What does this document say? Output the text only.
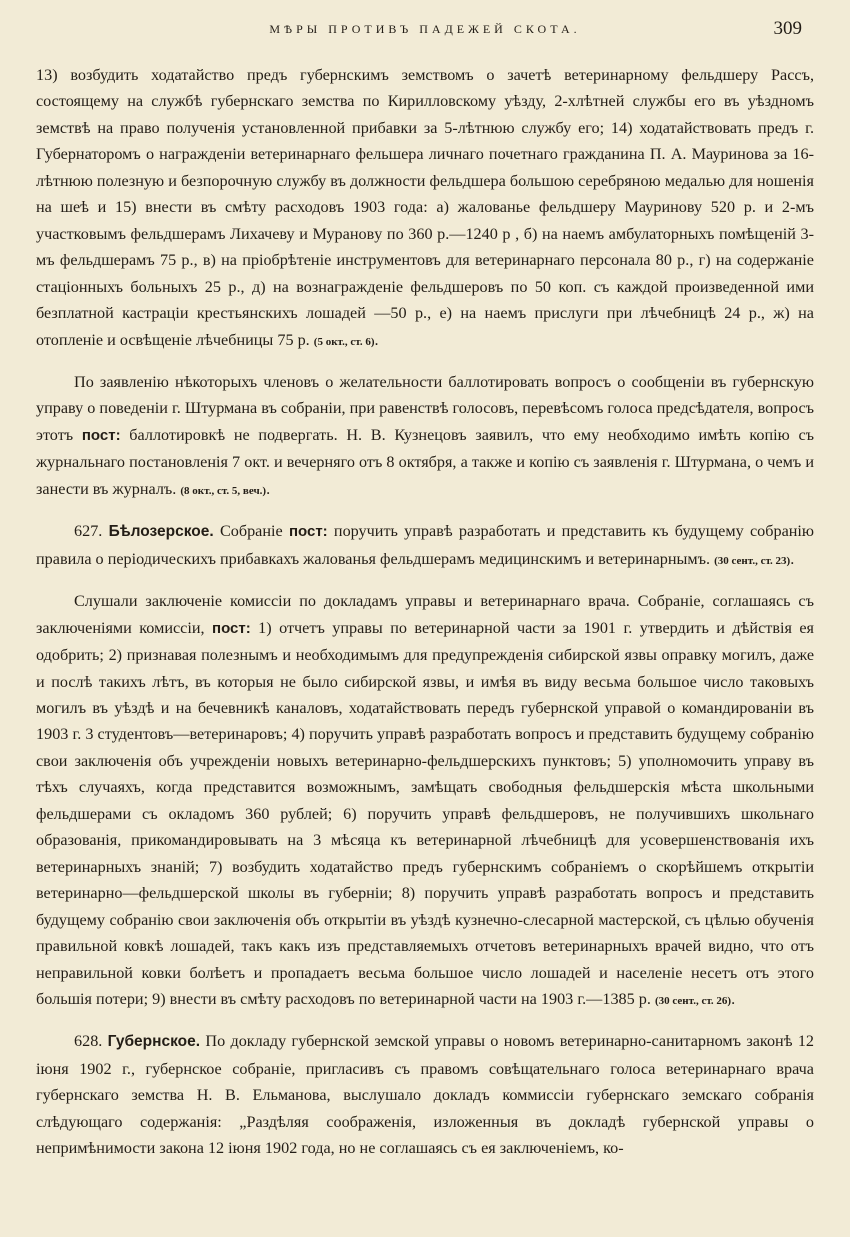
МѢРЫ ПРОТИВЪ ПАДЕЖЕЙ СКОТА.	309

13) возбудить ходатайство предъ губернскимъ земствомъ о зачетѣ ветеринарному фельдшеру Рассъ, состоящему на службѣ губернскаго земства по Кирилловскому уѣзду, 2-хлѣтней службы его въ уѣздномъ земствѣ на право полученія установленной прибавки за 5-лѣтнюю службу его; 14) ходатайствовать предъ г. Губернаторомъ о награжденіи ветеринарнаго фельшера личнаго почетнаго гражданина П. А. Мауринова за 16-лѣтнюю полезную и безпорочную службу въ должности фельдшера большою серебряною медалью для ношенія на шеѣ и 15) внести въ смѣту расходовъ 1903 года: а) жалованье фельдшеру Мауринову 520 р. и 2-мъ участковымъ фельдшерамъ Лихачеву и Мурановy по 360 р.—1240 р , б) на наемъ амбулаторныхъ помѣщеній 3-мъ фельдшерамъ 75 р., в) на пріобрѣтеніе инструментовъ для ветеринарнаго персонала 80 р., г) на содержаніе стаціонныхъ больныхъ 25 р., д) на вознагражденіе фельдшеровъ по 50 коп. съ каждой произведенной ими безплатной кастраціи крестьянскихъ лошадей —50 р., е) на наемъ прислуги при лѣчебницѣ 24 р., ж) на отопленіе и освѣщеніе лѣчебницы 75 р. (5 окт., ст. 6).

По заявленію нѣкоторыхъ членовъ о желательности баллотировать вопросъ о сообщеніи въ губернскую управу о поведеніи г. Штурмана въ собраніи, при равенствѣ голосовъ, перевѣсомъ голоса предсѣдателя, вопросъ этотъ пост: баллотировкѣ не подвергать. Н. В. Кузнецовъ заявилъ, что ему необходимо имѣть копію съ журнальнаго постановленія 7 окт. и вечерняго отъ 8 октября, а также и копію съ заявленія г. Штурмана, о чемъ и занести въ журналъ. (8 окт., ст. 5, веч.).

627. Бѣлозерское. Собраніе пост: поручить управѣ разработать и представить къ будущему собранію правила о періодическихъ прибавкахъ жалованья фельдшерамъ медицинскимъ и ветеринарнымъ. (30 сент., ст. 23).

Слушали заключеніе комиссіи по докладамъ управы и ветеринарнаго врача. Собраніе, соглашаясь съ заключеніями комиссіи, пост: 1) отчетъ управы по ветеринарной части за 1901 г. утвердить и дѣйствія ея одобрить; 2) признавая полезнымъ и необходимымъ для предупрежденія сибирской язвы оправку могилъ, даже и послѣ такихъ лѣтъ, въ которыя не было сибирской язвы, и имѣя въ виду весьма большое число таковыхъ могилъ въ уѣздѣ и на бечевникѣ каналовъ, ходатайствовать передъ губернской управой о командированіи въ 1903 г. 3 студентовъ—ветеринаровъ; 4) поручить управѣ разработать вопросъ и представить будущему собранію свои заключенія объ учрежденіи новыхъ ветеринарно-фельдшерскихъ пунктовъ; 5) уполномочить управу въ тѣхъ случаяхъ, когда представится возможнымъ, замѣщать свободныя фельдшерскія мѣста школьными фельдшерами съ окладомъ 360 рублей; 6) поручить управѣ фельдшеровъ, не получившихъ школьнаго образованія, прикомандировывать на 3 мѣсяца къ ветеринарной лѣчебницѣ для усовершенствованія ихъ ветеринарныхъ знаній; 7) возбудить ходатайство предъ губернскимъ собраніемъ о скорѣйшемъ открытіи ветеринарно—фельдшерской школы въ губерніи; 8) поручить управѣ разработать вопросъ и представить будущему собранію свои заключенія объ открытіи въ уѣздѣ кузнечно-слесарной мастерской, съ цѣлью обученія правильной ковкѣ лошадей, такъ какъ изъ представляемыхъ отчетовъ ветеринарныхъ врачей видно, что отъ неправильной ковки болѣетъ и пропадаетъ весьма большое число лошадей и населеніе несетъ отъ этого большія потери; 9) внести въ смѣту расходовъ по ветеринарной части на 1903 г.—1385 р. (30 сент., ст. 26).

628. Губернское. По докладу губернской земской управы о новомъ ветеринарно-санитарномъ законѣ 12 іюня 1902 г., губернское собраніе, пригласивъ съ правомъ совѣщательнаго голоса ветеринарнаго врача губернскаго земства Н. В. Ельманова, выслушало докладъ коммиссіи губернскаго земскаго собранія слѣдующаго содержанія: „Раздѣляя соображенія, изложенныя въ докладѣ губернской управы о непримѣнимости закона 12 іюня 1902 года, но не соглашаясь съ ея заключеніемъ, ко-
